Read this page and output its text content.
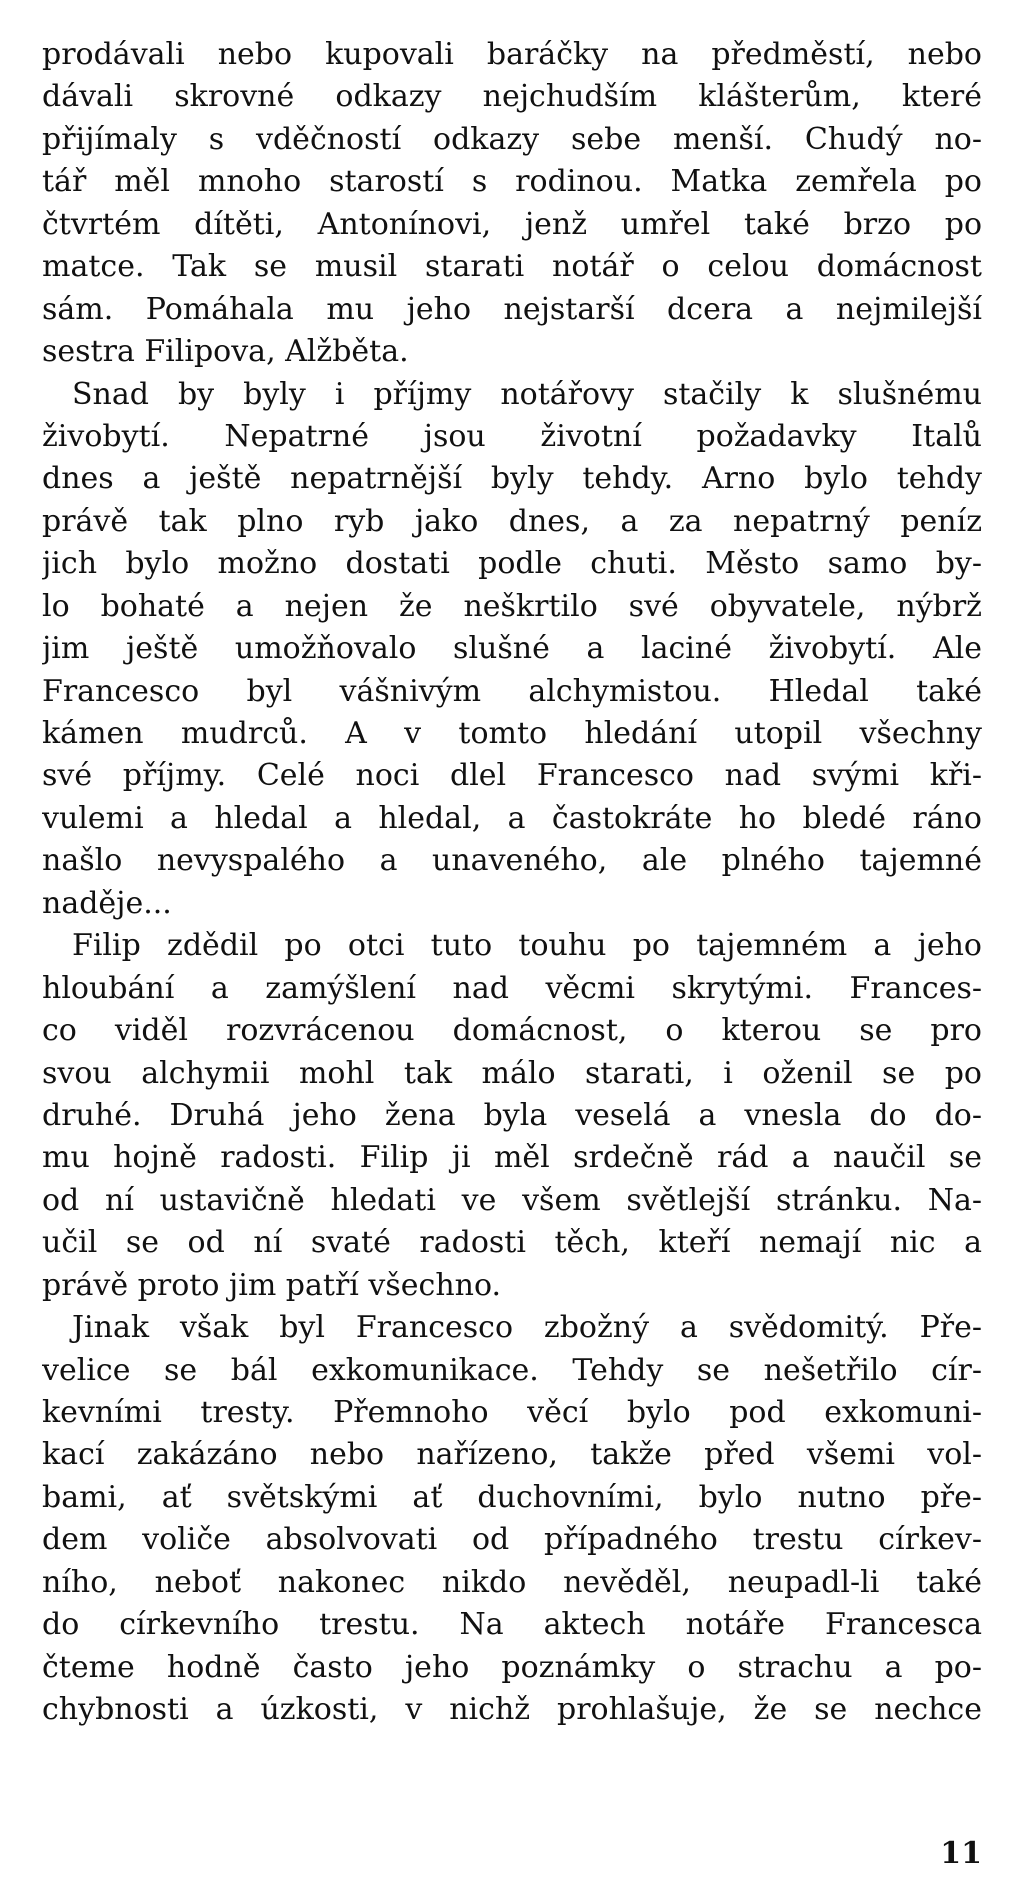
prodávali nebo kupovali baráčky na předměstí, nebo
dávali skrovné odkazy nejchudším klášterům, které
přijímaly s vděčností odkazy sebe menší. Chudý no-
tář měl mnoho starostí s rodinou. Matka zemřela po
čtvrtém dítěti, Antonínovi, jenž umřel také brzo po
matce. Tak se musil starati notář o celou domácnost
sám. Pomáhala mu jeho nejstarší dcera a nejmilejší
sestra Filipova, Alžběta.
Snad by byly i příjmy notářovy stačily k slušnému
živobytí. Nepatrné jsou životní požadavky Italů
dnes a ještě nepatrnější byly tehdy. Arno bylo tehdy
právě tak plno ryb jako dnes, a za nepatrný peníz
jich bylo možno dostati podle chuti. Město samo by-
lo bohaté a nejen že neškrtilo své obyvatele, nýbrž
jim ještě umožňovalo slušné a laciné živobytí. Ale
Francesco byl vášnivým alchymistou. Hledal také
kámen mudrců. A v tomto hledání utopil všechny
své příjmy. Celé noci dlel Francesco nad svými kři-
vulemi a hledal a hledal, a častokráte ho bledé ráno
našlo nevyspalého a unaveného, ale plného tajemné
naděje...
Filip zdědil po otci tuto touhu po tajemném a jeho
hloubání a zamýšlení nad věcmi skrytými. Frances-
co viděl rozvrácenou domácnost, o kterou se pro
svou alchymii mohl tak málo starati, i oženil se po
druhé. Druhá jeho žena byla veselá a vnesla do do-
mu hojně radosti. Filip ji měl srdečně rád a naučil se
od ní ustavičně hledati ve všem světlejší stránku. Na-
učil se od ní svaté radosti těch, kteří nemají nic a
právě proto jim patří všechno.
Jinak však byl Francesco zbožný a svědomitý. Pře-
velice se bál exkomunikace. Tehdy se nešetřilo cír-
kevními tresty. Přemnoho věcí bylo pod exkomuni-
kací zakázáno nebo nařízeno, takže před všemi vol-
bami, ať světskými ať duchovními, bylo nutno pře-
dem voliče absolvovati od případného trestu církev-
ního, neboť nakonec nikdo nevěděl, neupadl-li také
do církevního trestu. Na aktech notáře Francesca
čteme hodně často jeho poznámky o strachu a po-
chybnosti a úzkosti, v nichž prohlašuje, že se nechce
11
